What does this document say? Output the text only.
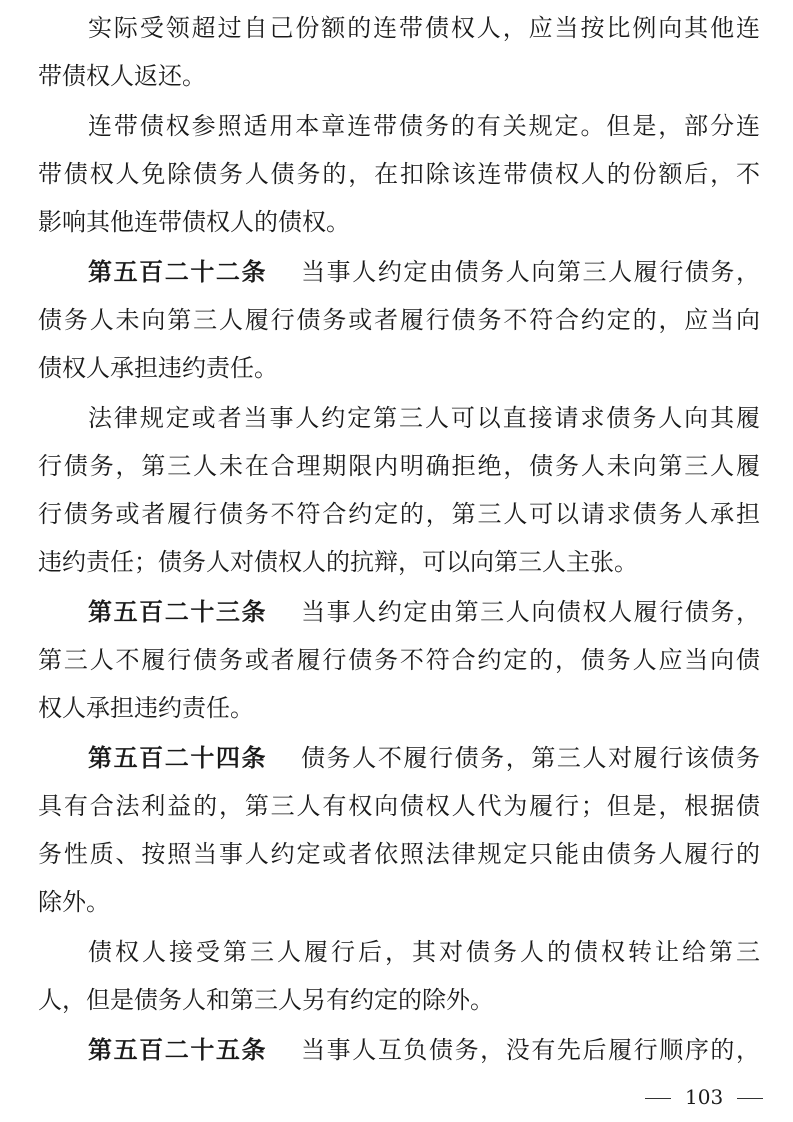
实际受领超过自己份额的连带债权人，应当按比例向其他连
带债权人返还。
连带债权参照适用本章连带债务的有关规定。但是，部分连
带债权人免除债务人债务的，在扣除该连带债权人的份额后，不
影响其他连带债权人的债权。
第五百二十二条 当事人约定由债务人向第三人履行债务，
债务人未向第三人履行债务或者履行债务不符合约定的，应当向
债权人承担违约责任。
法律规定或者当事人约定第三人可以直接请求债务人向其履
行债务，第三人未在合理期限内明确拒绝，债务人未向第三人履
行债务或者履行债务不符合约定的，第三人可以请求债务人承担
违约责任；债务人对债权人的抗辩，可以向第三人主张。
第五百二十三条 当事人约定由第三人向债权人履行债务，
第三人不履行债务或者履行债务不符合约定的，债务人应当向债
权人承担违约责任。
第五百二十四条 债务人不履行债务，第三人对履行该债务
具有合法利益的，第三人有权向债权人代为履行；但是，根据债
务性质、按照当事人约定或者依照法律规定只能由债务人履行的
除外。
债权人接受第三人履行后，其对债务人的债权转让给第三
人，但是债务人和第三人另有约定的除外。
第五百二十五条 当事人互负债务，没有先后履行顺序的，
103
